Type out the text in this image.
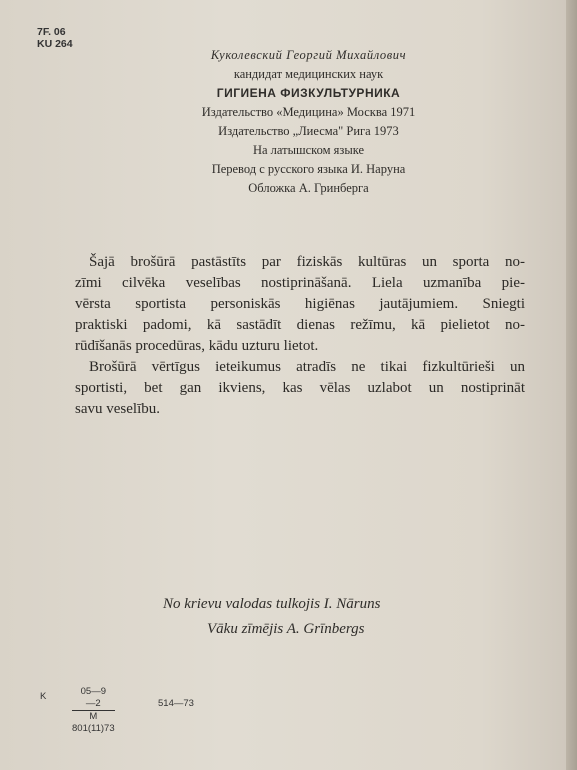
7F. 06
KU 264
Куколевский Георгий Михайлович
кандидат медицинских наук
ГИГИЕНА ФИЗКУЛЬТУРНИКА
Издательство «Медицина» Москва 1971
Издательство „Лиесма" Рига 1973
На латышском языке
Перевод с русского языка И. Наруна
Обложка А. Гринберга

Šajā brošūrā pastāstīts par fiziskās kultūras un sporta no-

zīmi cilvēka veselības nostiprināšanā. Liela uzmanība pie-

vērsta sportista personiskās higiēnas jautājumiem. Sniegti

praktiski padomi, kā sastādīt dienas režīmu, kā pielietot no-

rūdīšanās procedūras, kādu uzturu lietot.

Brošūrā vērtīgus ieteikumus atradīs ne tikai fizkultūrieši un

sportisti, bet gan ikviens, kas vēlas uzlabot un nostiprināt

savu veselību.

No krievu valodas tulkojis I. Nāruns
Vāku zīmējis A. Grīnbergs
K	$\frac{05—9—2}{M 801(11)73}$	514—73
